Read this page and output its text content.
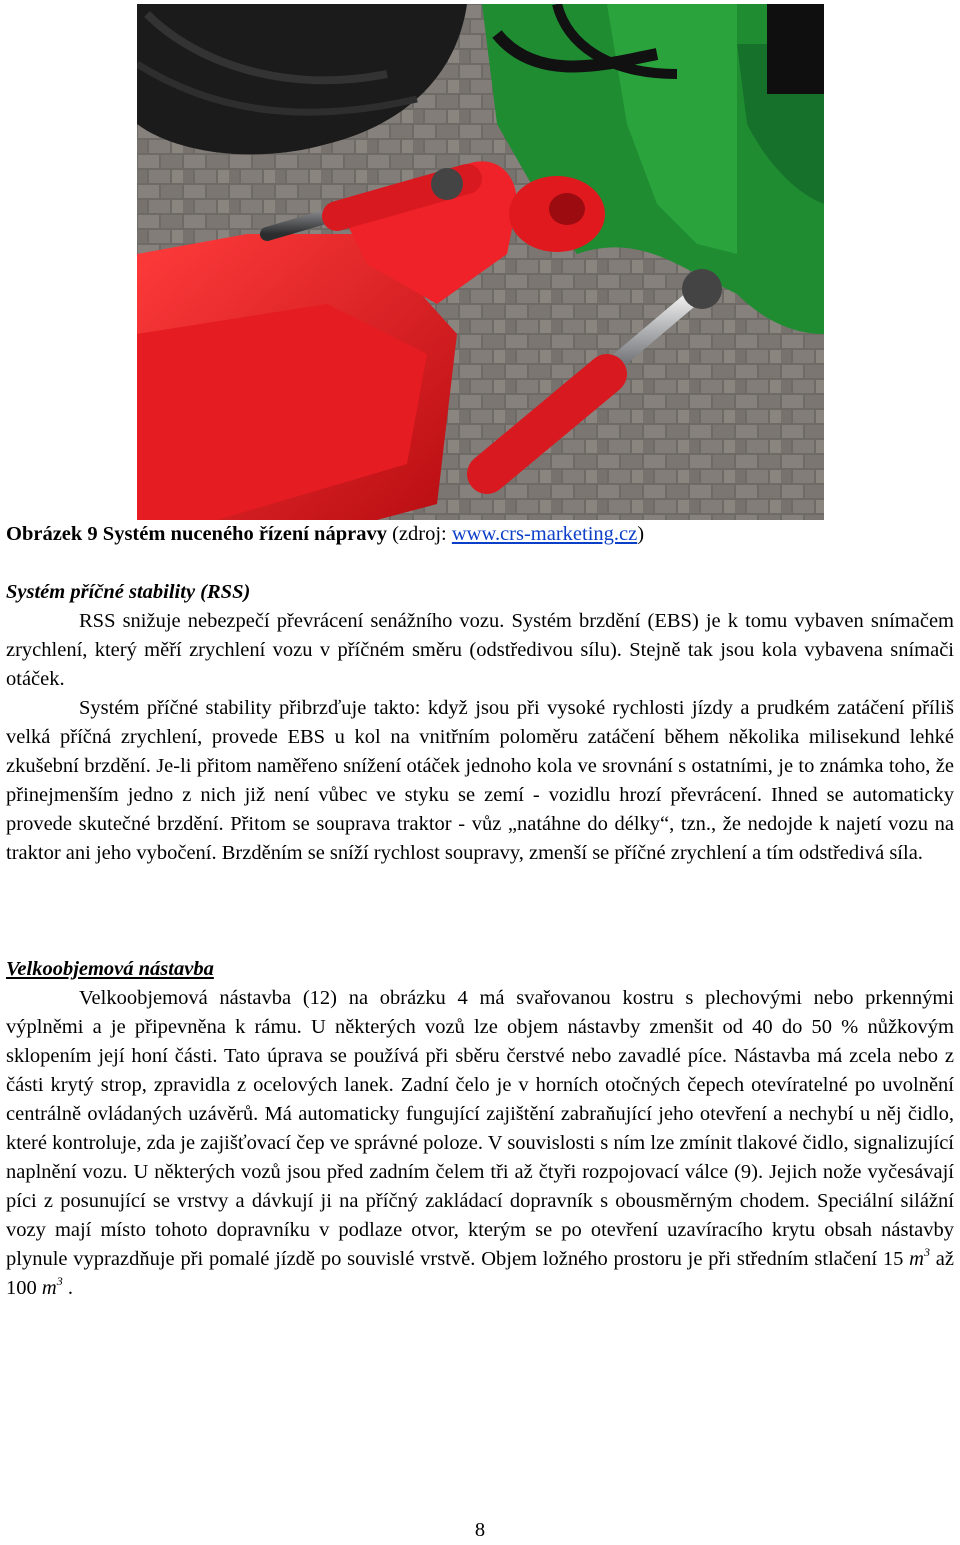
Obrázek 9 Systém nuceného řízení nápravy (zdroj: www.crs-marketing.cz)
Systém příčné stability (RSS)

RSS snižuje nebezpečí převrácení senážního vozu. Systém brzdění (EBS) je k tomu vybaven snímačem zrychlení, který měří zrychlení vozu v příčném směru (odstředivou sílu). Stejně tak jsou kola vybavena snímači otáček.

Systém příčné stability přibrzďuje takto: když jsou při vysoké rychlosti jízdy a prudkém zatáčení příliš velká příčná zrychlení, provede EBS u kol na vnitřním poloměru zatáčení během několika milisekund lehké zkušební brzdění. Je-li přitom naměřeno snížení otáček jednoho kola ve srovnání s ostatními, je to známka toho, že přinejmenším jedno z nich již není vůbec ve styku se zemí - vozidlu hrozí převrácení. Ihned se automaticky provede skutečné brzdění. Přitom se souprava traktor - vůz „natáhne do délky“, tzn., že nedojde k najetí vozu na traktor ani jeho vybočení. Brzděním se sníží rychlost soupravy, zmenší se příčné zrychlení a tím odstředivá síla.

Velkoobjemová nástavba

Velkoobjemová nástavba (12) na obrázku 4 má svařovanou kostru s plechovými nebo prkennými výplněmi a je připevněna k rámu. U některých vozů lze objem nástavby zmenšit od 40 do 50 % nůžkovým sklopením její honí části. Tato úprava se používá při sběru čerstvé nebo zavadlé píce. Nástavba má zcela nebo z části krytý strop, zpravidla z ocelových lanek. Zadní čelo je v horních otočných čepech otevíratelné po uvolnění centrálně ovládaných uzávěrů. Má automaticky fungující zajištění zabraňující jeho otevření a nechybí u něj čidlo, které kontroluje, zda je zajišťovací čep ve správné poloze. V souvislosti s ním lze zmínit tlakové čidlo, signalizující naplnění vozu. U některých vozů jsou před zadním čelem tři až čtyři rozpojovací válce (9). Jejich nože vyčesávají píci z posunující se vrstvy a dávkují ji na příčný zakládací dopravník s obousměrným chodem. Speciální silážní vozy mají místo tohoto dopravníku v podlaze otvor, kterým se po otevření uzavíracího krytu obsah nástavby plynule vyprazdňuje při pomalé jízdě po souvislé vrstvě. Objem ložného prostoru je při středním stlačení 15 $m^3$ až 100 $m^3$ .

8
